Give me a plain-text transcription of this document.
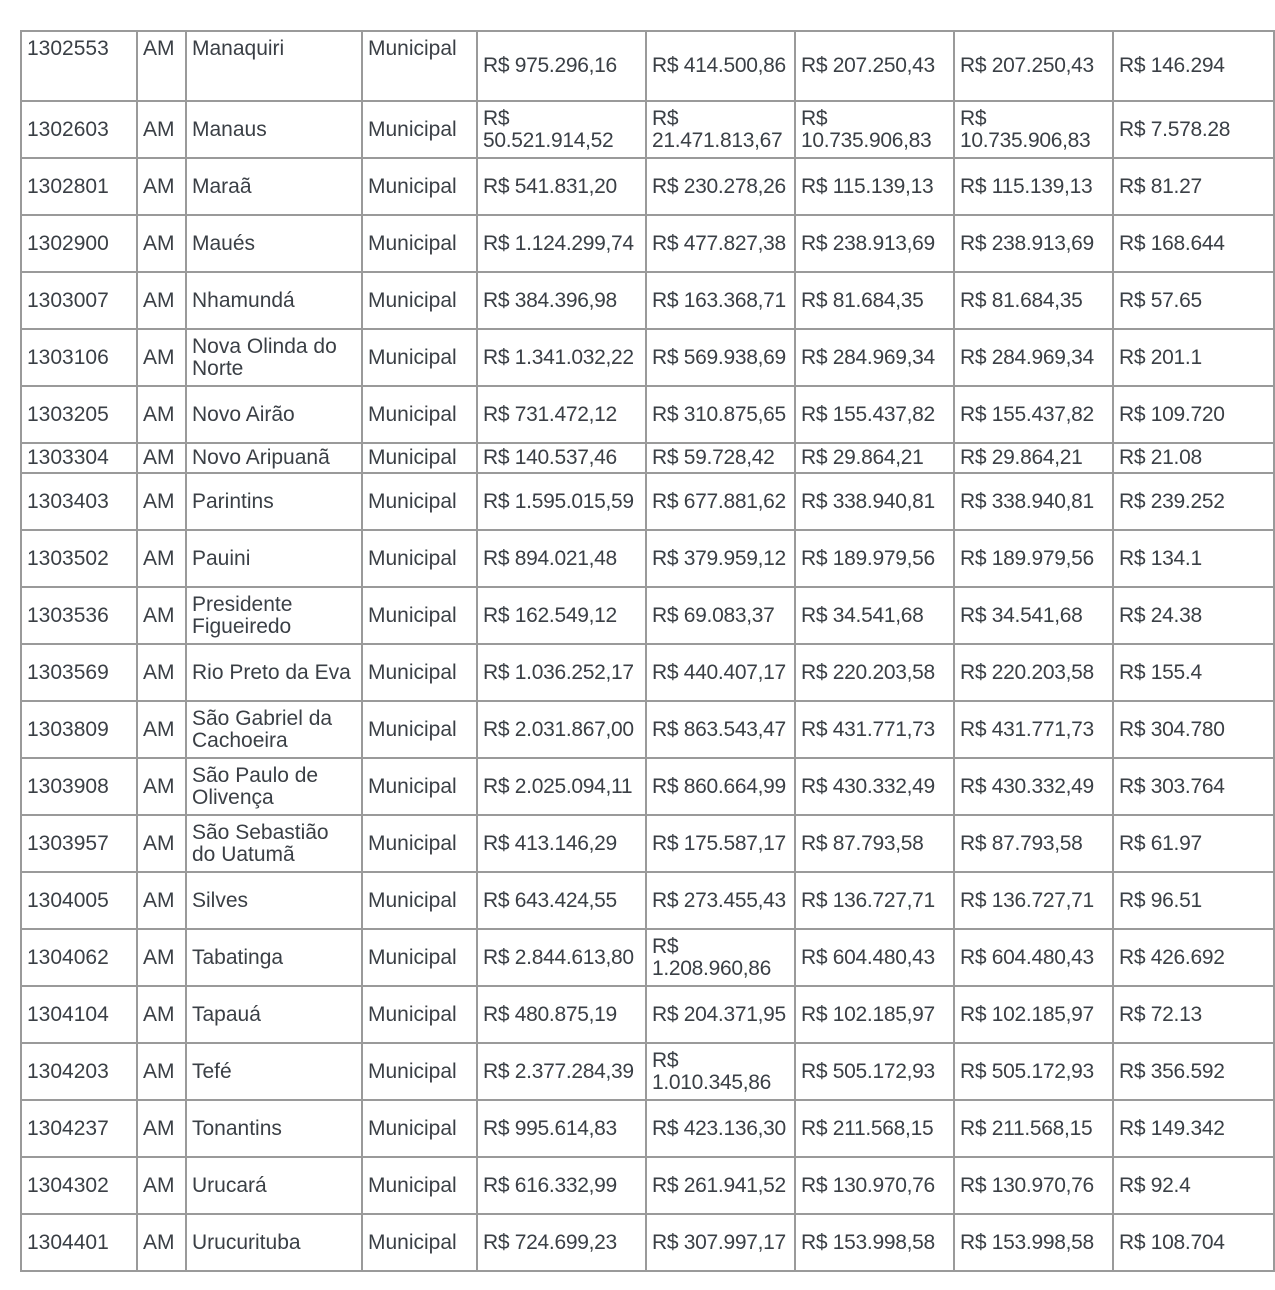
1302553	AM	Manaquiri	Municipal	R$ 975.296,16	R$ 414.500,86	R$ 207.250,43	R$ 207.250,43	R$ 146.294
1302603	AM	Manaus	Municipal	R$ 50.521.914,52	R$ 21.471.813,67	R$ 10.735.906,83	R$ 10.735.906,83	R$ 7.578.28
1302801	AM	Maraã	Municipal	R$ 541.831,20	R$ 230.278,26	R$ 115.139,13	R$ 115.139,13	R$ 81.27
1302900	AM	Maués	Municipal	R$ 1.124.299,74	R$ 477.827,38	R$ 238.913,69	R$ 238.913,69	R$ 168.644
1303007	AM	Nhamundá	Municipal	R$ 384.396,98	R$ 163.368,71	R$ 81.684,35	R$ 81.684,35	R$ 57.65
1303106	AM	Nova Olinda do Norte	Municipal	R$ 1.341.032,22	R$ 569.938,69	R$ 284.969,34	R$ 284.969,34	R$ 201.1
1303205	AM	Novo Airão	Municipal	R$ 731.472,12	R$ 310.875,65	R$ 155.437,82	R$ 155.437,82	R$ 109.720
1303304	AM	Novo Aripuanã	Municipal	R$ 140.537,46	R$ 59.728,42	R$ 29.864,21	R$ 29.864,21	R$ 21.08
1303403	AM	Parintins	Municipal	R$ 1.595.015,59	R$ 677.881,62	R$ 338.940,81	R$ 338.940,81	R$ 239.252
1303502	AM	Pauini	Municipal	R$ 894.021,48	R$ 379.959,12	R$ 189.979,56	R$ 189.979,56	R$ 134.1
1303536	AM	Presidente Figueiredo	Municipal	R$ 162.549,12	R$ 69.083,37	R$ 34.541,68	R$ 34.541,68	R$ 24.38
1303569	AM	Rio Preto da Eva	Municipal	R$ 1.036.252,17	R$ 440.407,17	R$ 220.203,58	R$ 220.203,58	R$ 155.4
1303809	AM	São Gabriel da Cachoeira	Municipal	R$ 2.031.867,00	R$ 863.543,47	R$ 431.771,73	R$ 431.771,73	R$ 304.780
1303908	AM	São Paulo de Olivença	Municipal	R$ 2.025.094,11	R$ 860.664,99	R$ 430.332,49	R$ 430.332,49	R$ 303.764
1303957	AM	São Sebastião do Uatumã	Municipal	R$ 413.146,29	R$ 175.587,17	R$ 87.793,58	R$ 87.793,58	R$ 61.97
1304005	AM	Silves	Municipal	R$ 643.424,55	R$ 273.455,43	R$ 136.727,71	R$ 136.727,71	R$ 96.51
1304062	AM	Tabatinga	Municipal	R$ 2.844.613,80	R$ 1.208.960,86	R$ 604.480,43	R$ 604.480,43	R$ 426.692
1304104	AM	Tapauá	Municipal	R$ 480.875,19	R$ 204.371,95	R$ 102.185,97	R$ 102.185,97	R$ 72.13
1304203	AM	Tefé	Municipal	R$ 2.377.284,39	R$ 1.010.345,86	R$ 505.172,93	R$ 505.172,93	R$ 356.592
1304237	AM	Tonantins	Municipal	R$ 995.614,83	R$ 423.136,30	R$ 211.568,15	R$ 211.568,15	R$ 149.342
1304302	AM	Urucará	Municipal	R$ 616.332,99	R$ 261.941,52	R$ 130.970,76	R$ 130.970,76	R$ 92.4
1304401	AM	Urucurituba	Municipal	R$ 724.699,23	R$ 307.997,17	R$ 153.998,58	R$ 153.998,58	R$ 108.704
